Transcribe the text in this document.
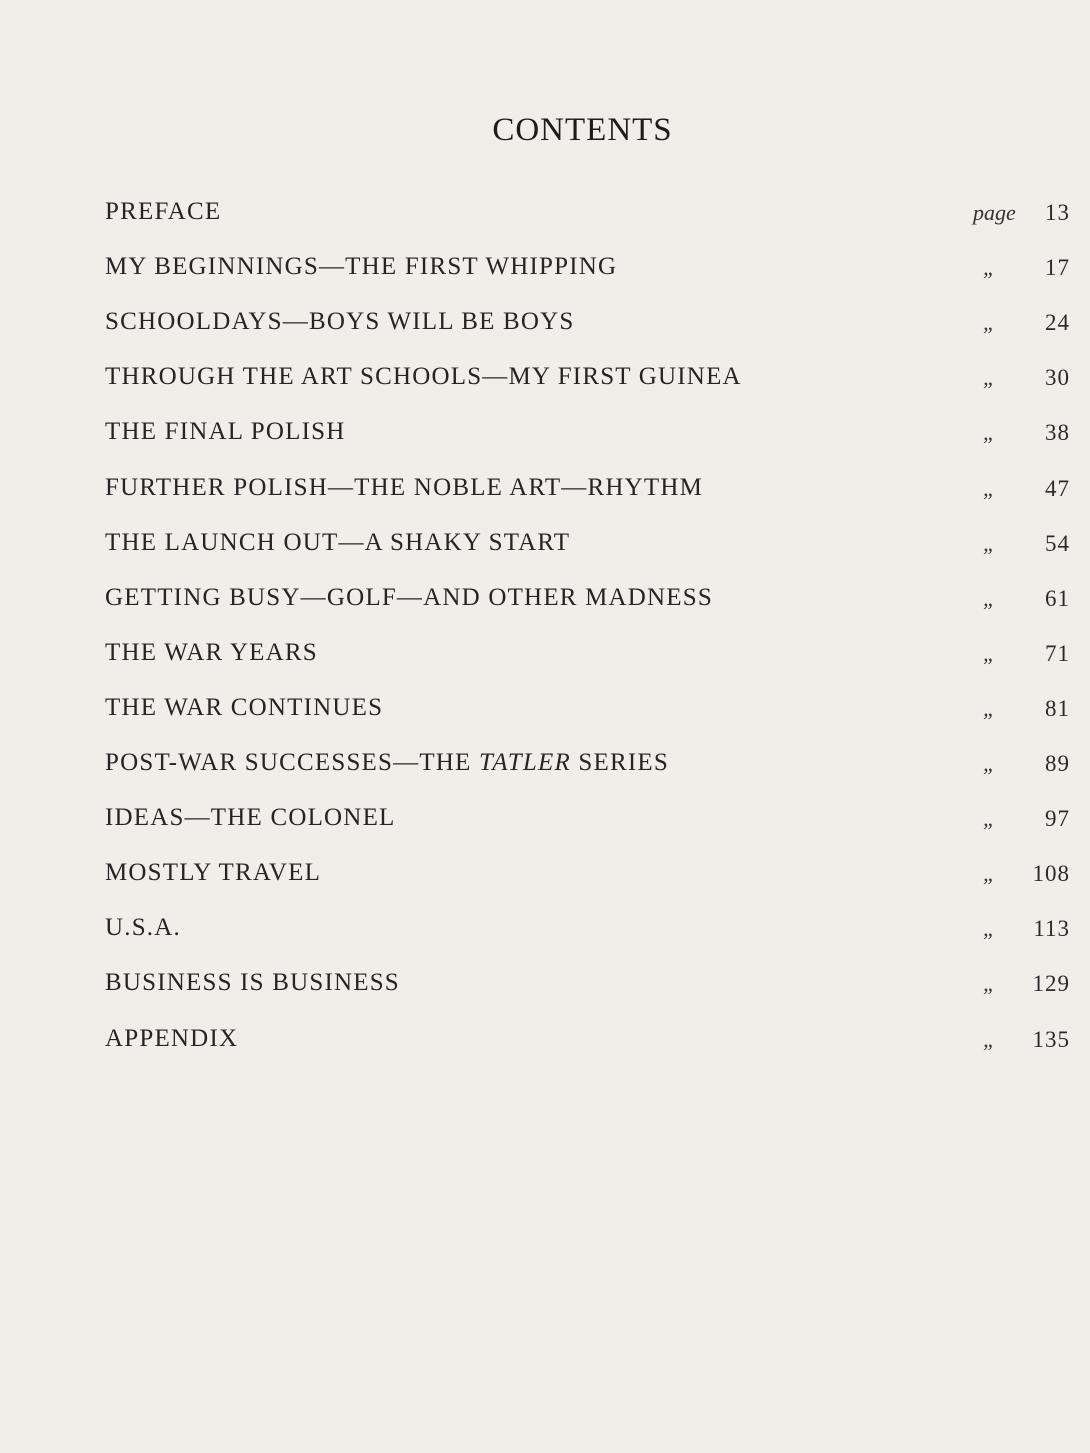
CONTENTS
PREFACE	page 13
MY BEGINNINGS—THE FIRST WHIPPING	„ 17
SCHOOLDAYS—BOYS WILL BE BOYS	„ 24
THROUGH THE ART SCHOOLS—MY FIRST GUINEA	„ 30
THE FINAL POLISH	„ 38
FURTHER POLISH—THE NOBLE ART—RHYTHM	„ 47
THE LAUNCH OUT—A SHAKY START	„ 54
GETTING BUSY—GOLF—AND OTHER MADNESS	„ 61
THE WAR YEARS	„ 71
THE WAR CONTINUES	„ 81
POST-WAR SUCCESSES—THE TATLER SERIES	„ 89
IDEAS—THE COLONEL	„ 97
MOSTLY TRAVEL	„ 108
U.S.A.	„ 113
BUSINESS IS BUSINESS	„ 129
APPENDIX	„ 135
